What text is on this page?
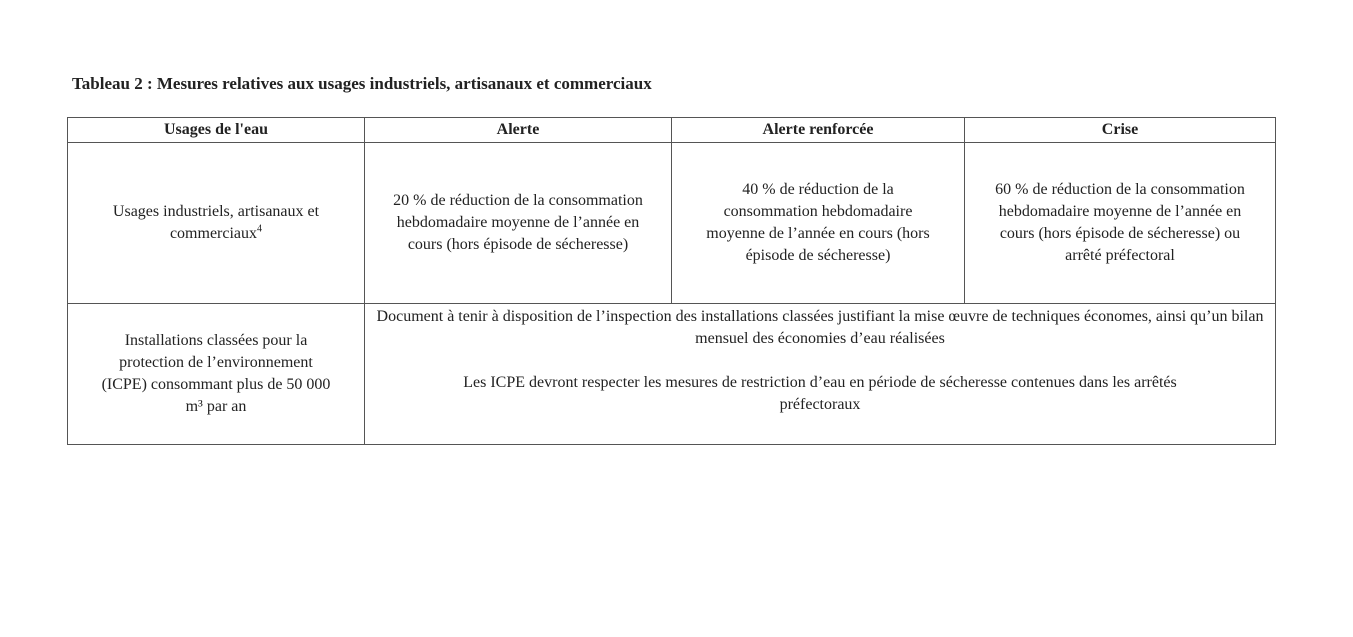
Tableau 2 : Mesures relatives aux usages industriels, artisanaux et commerciaux
Usages de l'eau	Alerte	Alerte renforcée	Crise
Usages industriels, artisanaux et commerciaux$^4$	20 % de réduction de la consommation hebdomadaire moyenne de l’année en cours (hors épisode de sécheresse)	40 % de réduction de la consommation hebdomadaire moyenne de l’année en cours (hors épisode de sécheresse)	60 % de réduction de la consommation hebdomadaire moyenne de l’année en cours (hors épisode de sécheresse) ou arrêté préfectoral

Installations classées pour la protection de l’environnement (ICPE) consommant plus de 50 000 m³ par an	Document à tenir à disposition de l’inspection des installations classées justifiant la mise œuvre de techniques économes, ainsi qu’un bilan mensuel des économies d’eau réalisées
Les ICPE devront respecter les mesures de restriction d’eau en période de sécheresse contenues dans les arrêtés préfectoraux		
